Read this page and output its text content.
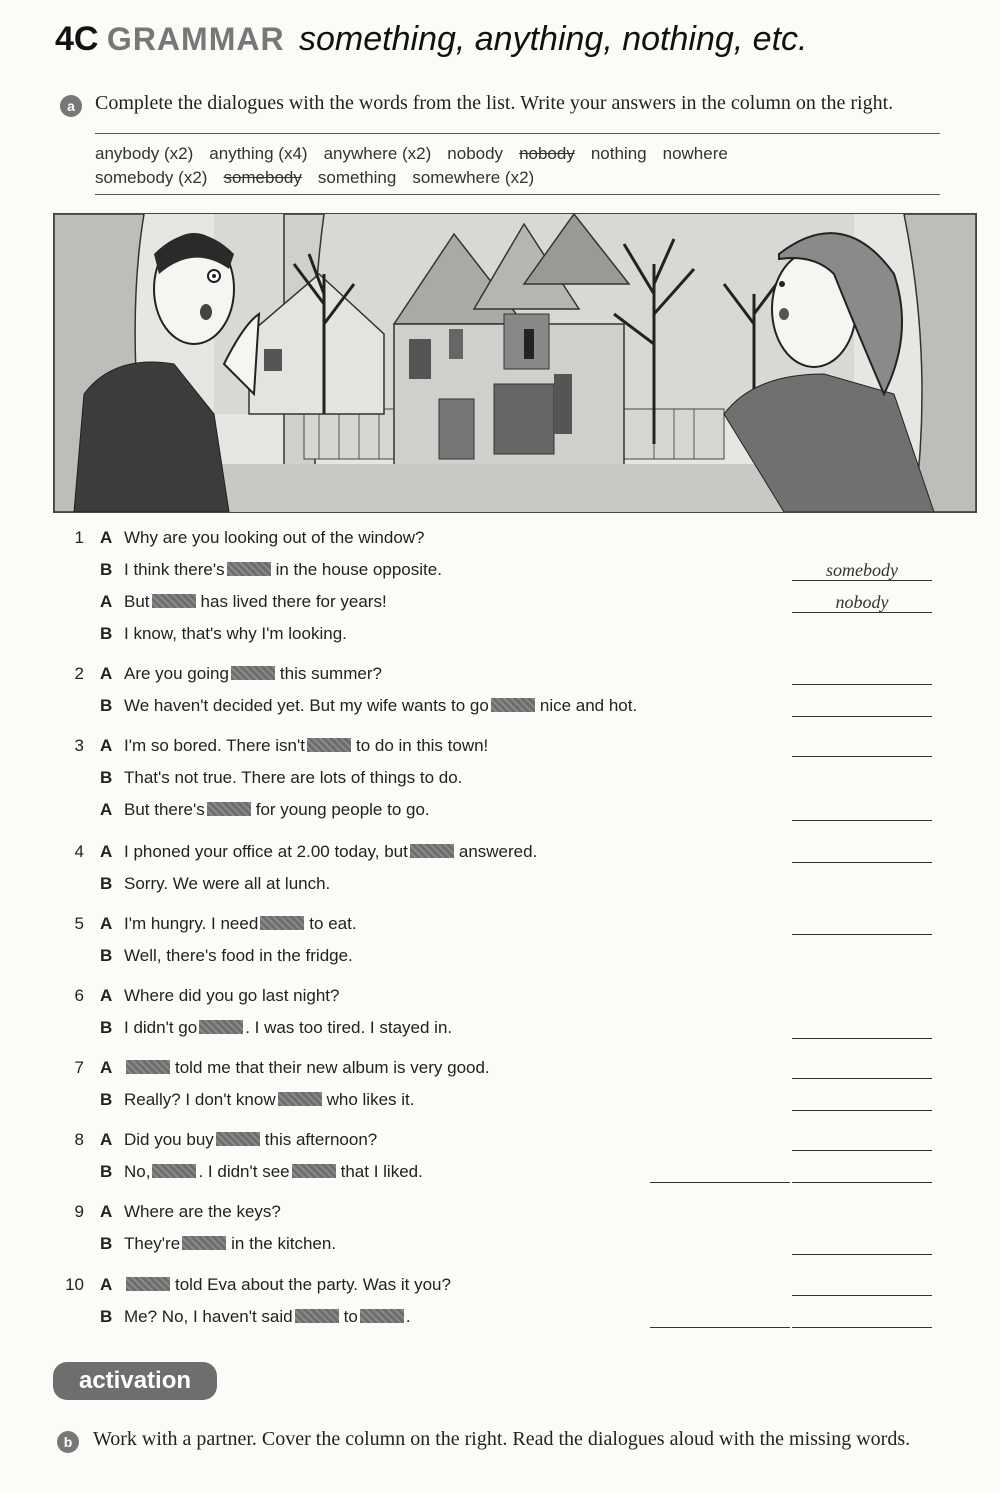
4C GRAMMAR something, anything, nothing, etc.
a	Complete the dialogues with the words from the list. Write your answers in the column on the right.
anybody (x2) anything (x4) anywhere (x2) nobody nobody nothing nowhere
somebody (x2) somebody something somewhere (x2)
1 A Why are you looking out of the window?
B I think there's	in the house opposite.	somebody
A But	has lived there for years!	nobody
B I know, that's why I'm looking.
2 A Are you going	this summer?
B We haven't decided yet. But my wife wants to go	nice and hot.
3 A I'm so bored. There isn't	to do in this town!
B That's not true. There are lots of things to do.
A But there's	for young people to go.
4 A I phoned your office at 2.00 today, but	answered.
B Sorry. We were all at lunch.
5 A I'm hungry. I need	to eat.
B Well, there's food in the fridge.
6 A Where did you go last night?
B I didn't go	. I was too tired. I stayed in.
7 A	told me that their new album is very good.
B Really? I don't know	who likes it.
8 A Did you buy	this afternoon?
B No,	. I didn't see	that I liked.
9 A Where are the keys?
B They're	in the kitchen.
10 A	told Eva about the party. Was it you?
B Me? No, I haven't said	to	.
activation
b	Work with a partner. Cover the column on the right. Read the dialogues aloud with the missing words.
